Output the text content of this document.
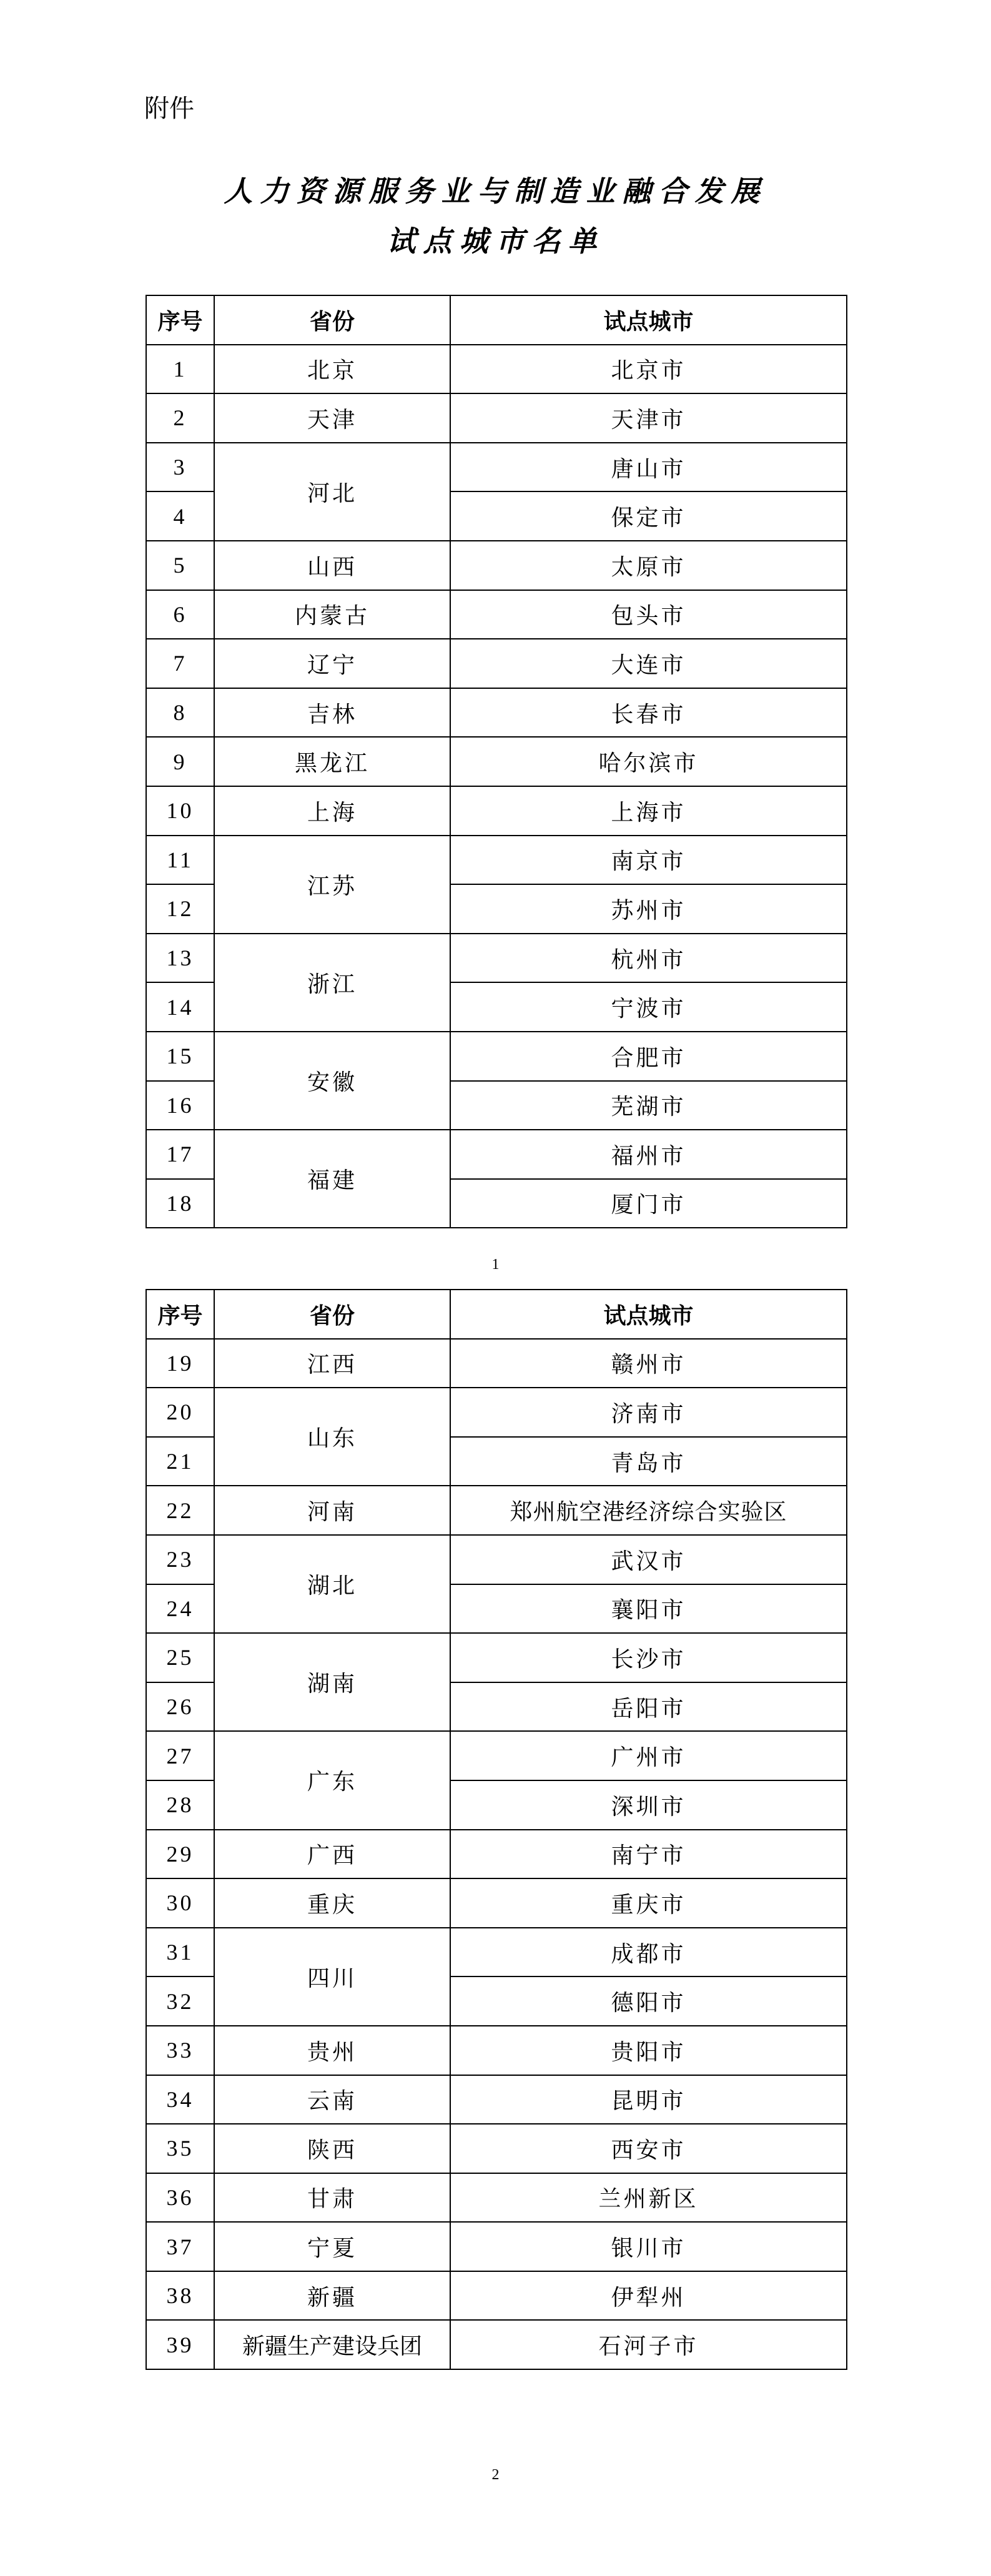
附件
人力资源服务业与制造业融合发展
试点城市名单
序号	省份	试点城市
1	北京	北京市
2	天津	天津市
3	河北	唐山市
4		保定市
5	山西	太原市
6	内蒙古	包头市
7	辽宁	大连市
8	吉林	长春市
9	黑龙江	哈尔滨市
10	上海	上海市
11	江苏	南京市
12		苏州市
13	浙江	杭州市
14		宁波市
15	安徽	合肥市
16		芜湖市
17	福建	福州市
18		厦门市
1
序号	省份	试点城市
19	江西	赣州市
20	山东	济南市
21		青岛市
22	河南	郑州航空港经济综合实验区
23	湖北	武汉市
24		襄阳市
25	湖南	长沙市
26		岳阳市
27	广东	广州市
28		深圳市
29	广西	南宁市
30	重庆	重庆市
31	四川	成都市
32		德阳市
33	贵州	贵阳市
34	云南	昆明市
35	陕西	西安市
36	甘肃	兰州新区
37	宁夏	银川市
38	新疆	伊犁州
39	新疆生产建设兵团	石河子市
2
